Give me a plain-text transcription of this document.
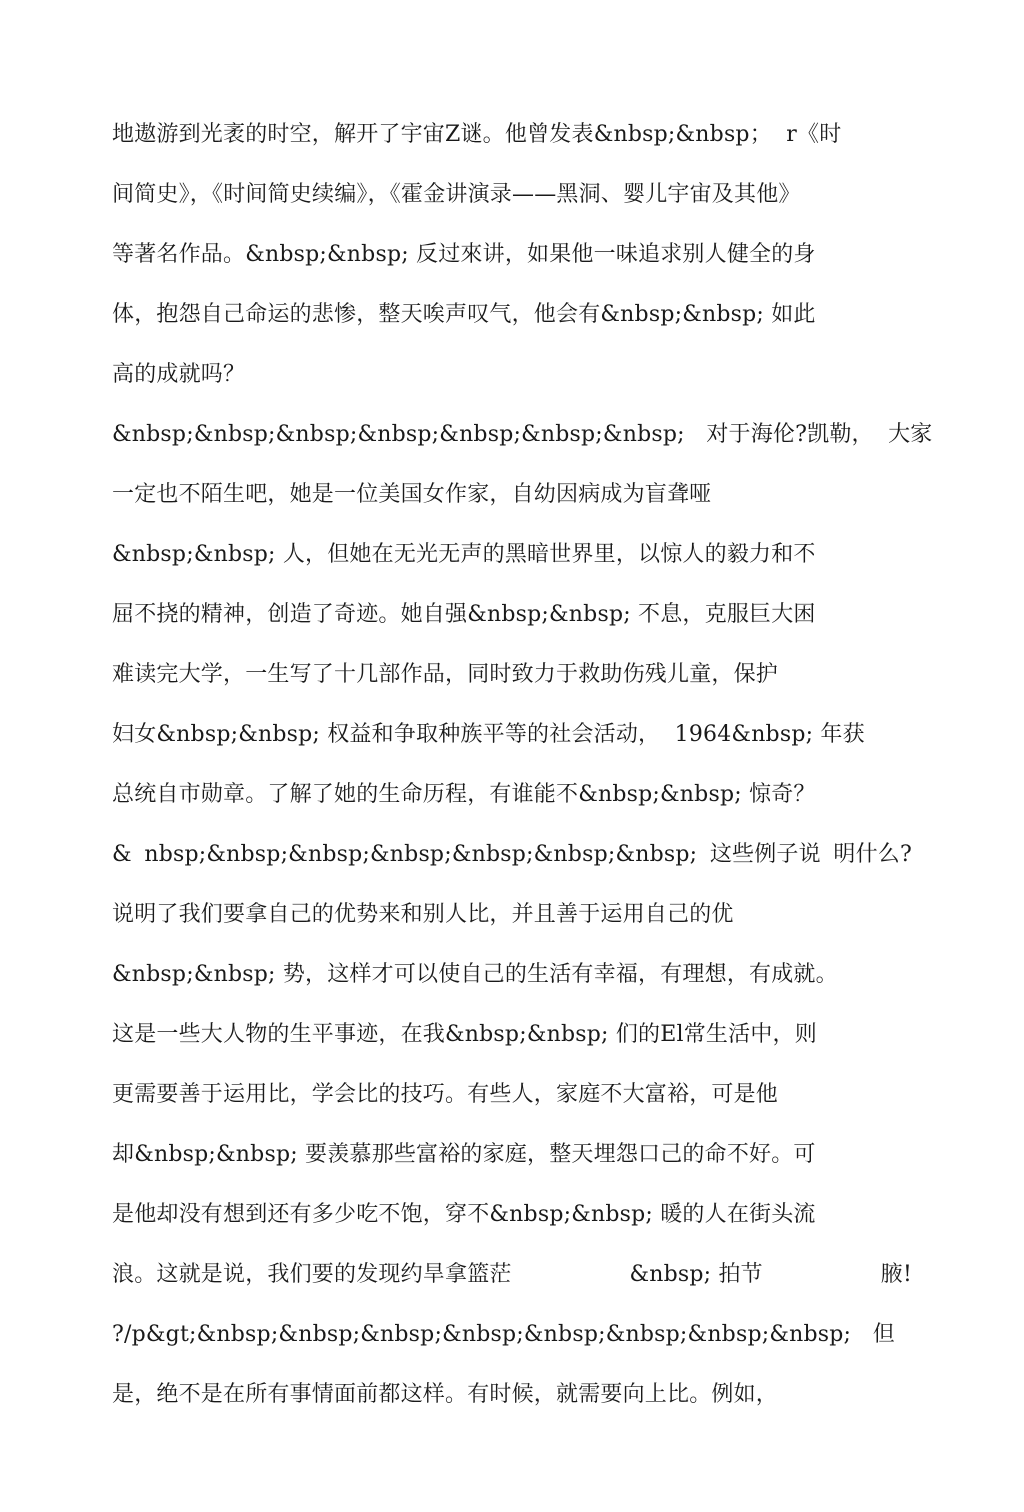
地遨游到光袤的时空，解开了宇宙Z谜。他曾发表&nbsp;&nbsp；  r《时
间简史》，《时间简史续编》，《霍金讲演录——黑洞、婴儿宇宙及其他》
等著名作品。&nbsp;&nbsp; 反过來讲，如果他一味追求别人健全的身
体，抱怨自己命运的悲惨，整天唉声叹气，他会有&nbsp;&nbsp; 如此
高的成就吗？
&nbsp;&nbsp;&nbsp;&nbsp;&nbsp;&nbsp;&nbsp;   对于海伦?凯勒，  大家
一定也不陌生吧，她是一位美国女作家，自幼因病成为盲聋哑
&nbsp;&nbsp; 人，但她在无光无声的黑暗世界里，以惊人的毅力和不
屈不挠的精神，创造了奇迹。她自强&nbsp;&nbsp; 不息，克服巨大困
难读完大学，一生写了十几部作品，同时致力于救助伤残儿童，保护
妇女&nbsp;&nbsp; 权益和争取种族平等的社会活动，  1964&nbsp; 年获
总统自市勋章。了解了她的生命历程，有谁能不&nbsp;&nbsp; 惊奇？
& nbsp;&nbsp;&nbsp;&nbsp;&nbsp;&nbsp;&nbsp; 这些例子说 明什么?
说明了我们要拿自己的优势来和别人比，并且善于运用自己的优
&nbsp;&nbsp; 势，这样才可以使自己的生活有幸福，有理想，有成就。
这是一些大人物的生平事迹，在我&nbsp;&nbsp; 们的El常生活中，则
更需要善于运用比，学会比的技巧。有些人，家庭不大富裕，可是他
却&nbsp;&nbsp; 要羡慕那些富裕的家庭，整天埋怨口己的命不好。可
是他却没有想到还有多少吃不饱，穿不&nbsp;&nbsp; 暖的人在街头流
浪。这就是说，我们要的发现约旱拿篮茫	&nbsp; 拍节	腋!
?/p&gt;&nbsp;&nbsp;&nbsp;&nbsp;&nbsp;&nbsp;&nbsp;&nbsp;   但
是，绝不是在所有事情面前都这样。有时候，就需要向上比。例如，
